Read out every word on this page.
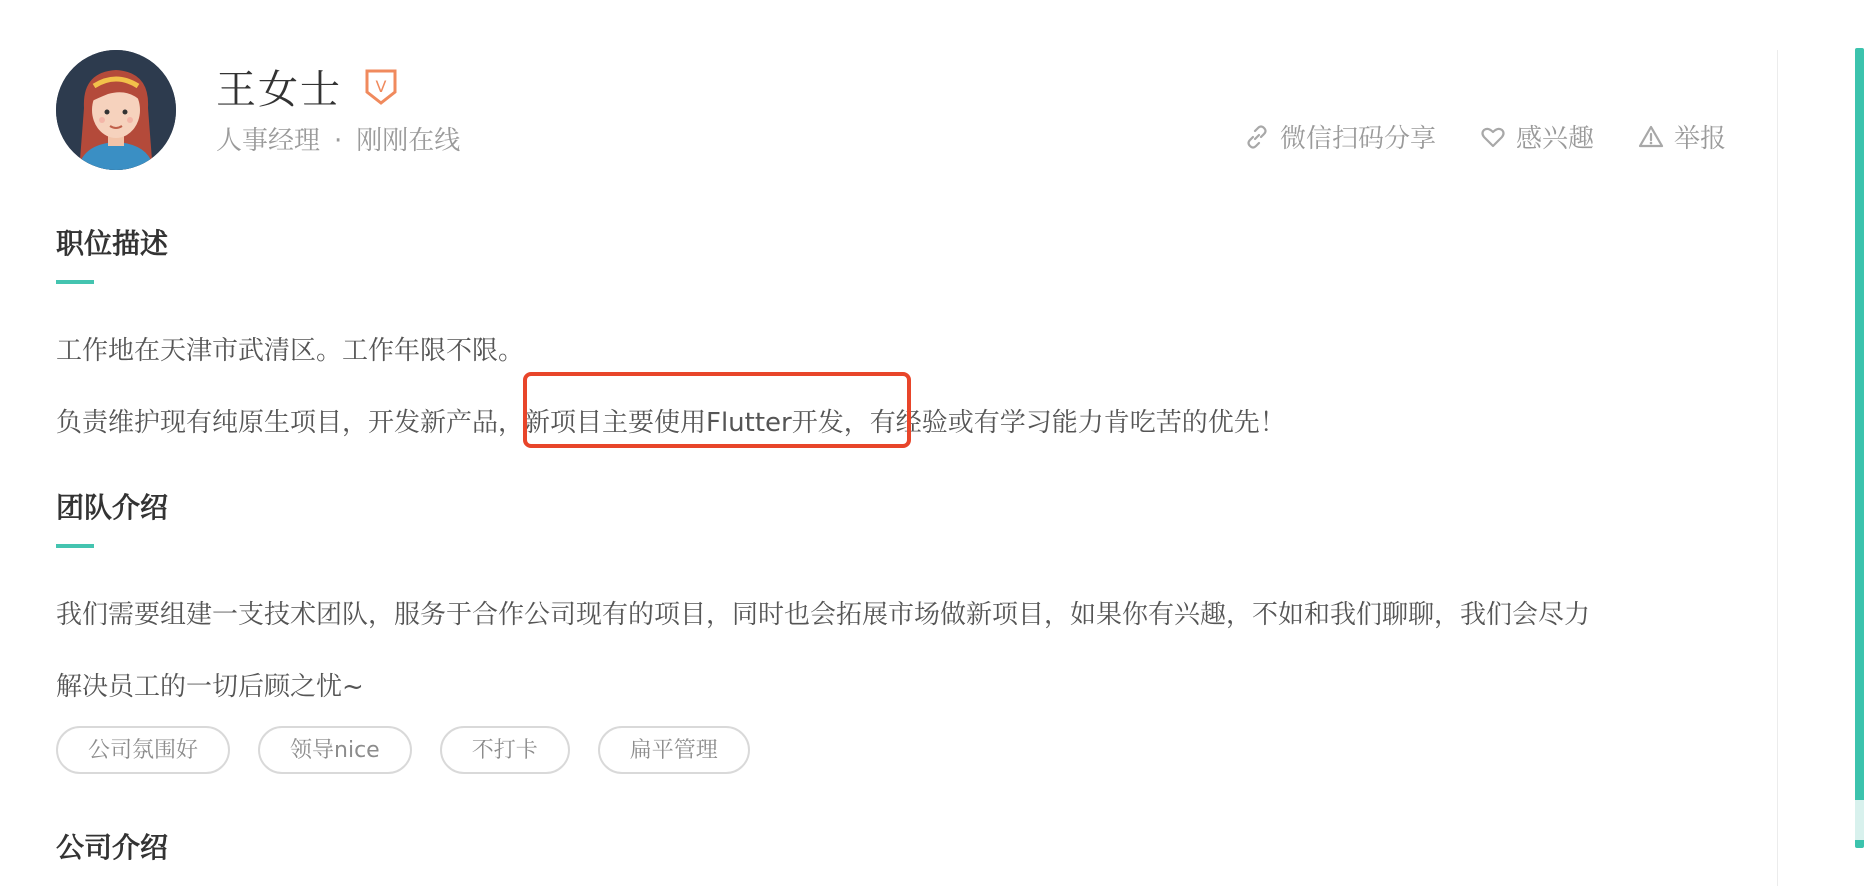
王女士 V
人事经理 · 刚刚在线	微信扫码分享	感兴趣	举报
职位描述
工作地在天津市武清区。工作年限不限。
负责维护现有纯原生项目，开发新产品，新项目主要使用Flutter开发，有经验或有学习能力肯吃苦的优先！
团队介绍
我们需要组建一支技术团队，服务于合作公司现有的项目，同时也会拓展市场做新项目，如果你有兴趣，不如和我们聊聊，我们会尽力
解决员工的一切后顾之忧~
公司氛围好	领导nice	不打卡	扁平管理
公司介绍
